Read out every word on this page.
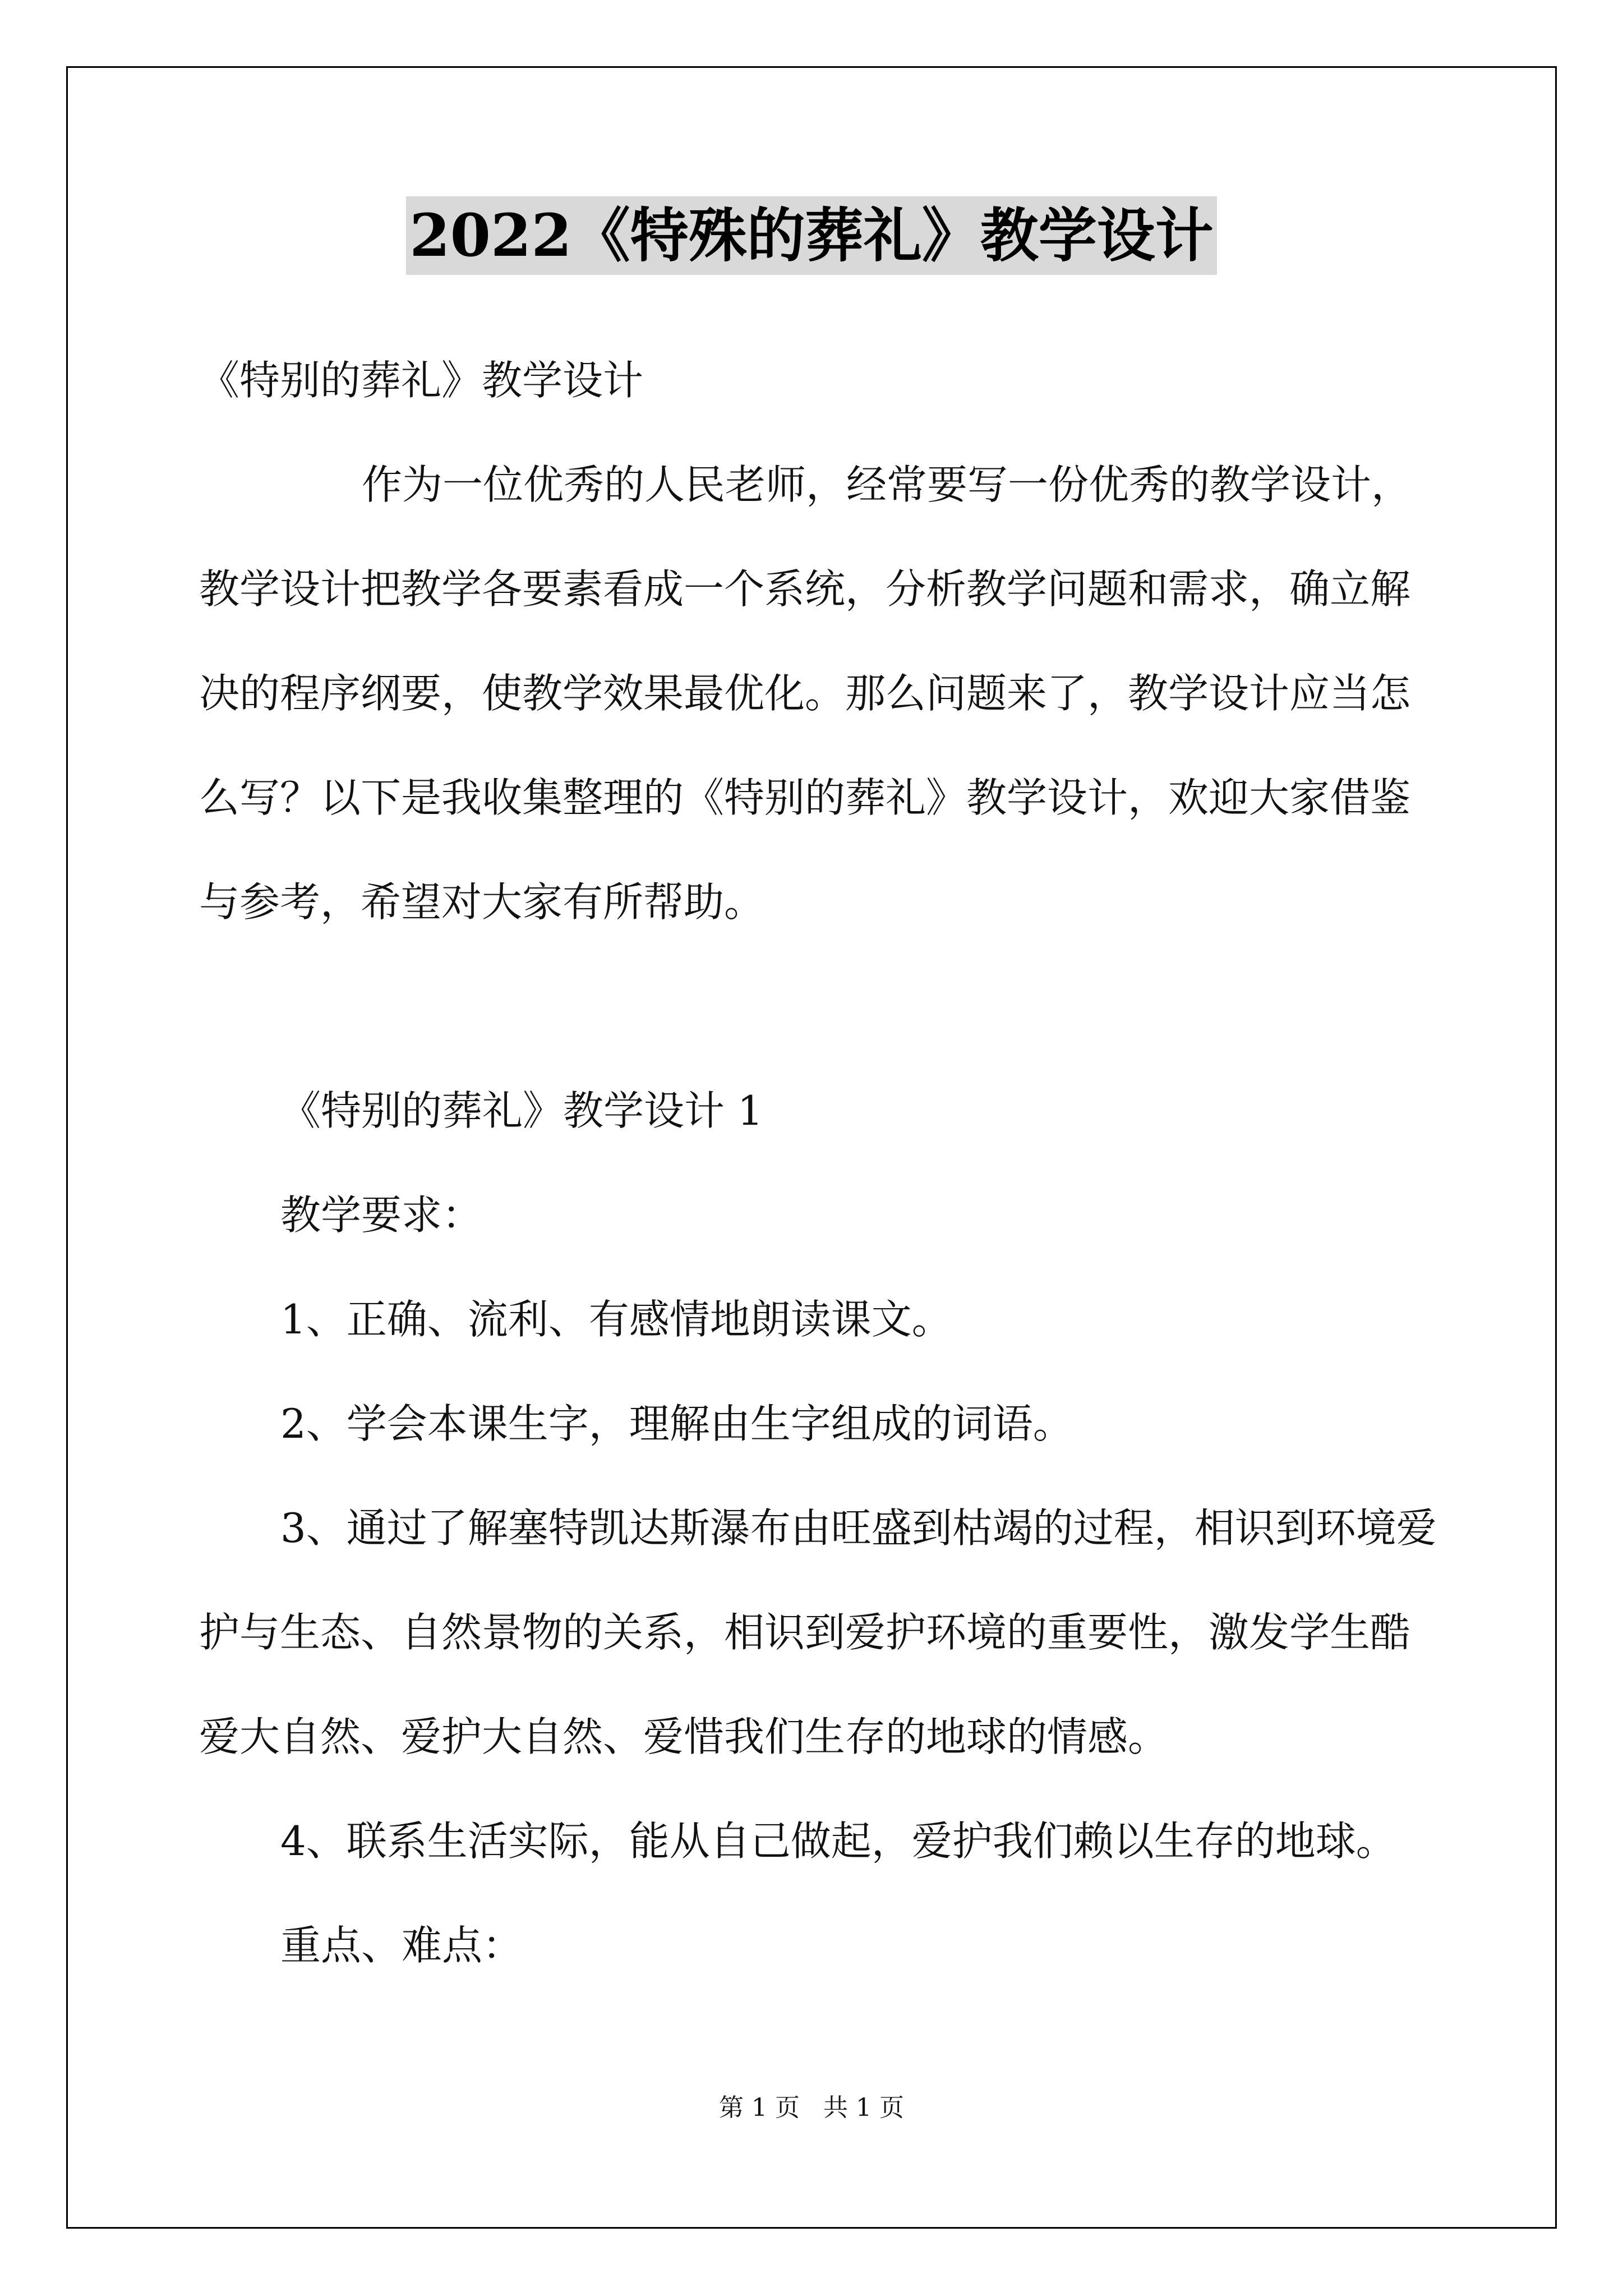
2022《特殊的葬礼》教学设计

《特别的葬礼》教学设计

作为一位优秀的人民老师，经常要写一份优秀的教学设计，

教学设计把教学各要素看成一个系统，分析教学问题和需求，确立解

决的程序纲要，使教学效果最优化。那么问题来了，教学设计应当怎

么写？以下是我收集整理的《特别的葬礼》教学设计，欢迎大家借鉴

与参考，希望对大家有所帮助。

《特别的葬礼》教学设计 1

教学要求：

1、正确、流利、有感情地朗读课文。

2、学会本课生字，理解由生字组成的词语。

3、通过了解塞特凯达斯瀑布由旺盛到枯竭的过程，相识到环境爱

护与生态、自然景物的关系，相识到爱护环境的重要性，激发学生酷

爱大自然、爱护大自然、爱惜我们生存的地球的情感。

4、联系生活实际，能从自己做起，爱护我们赖以生存的地球。

重点、难点：

第 1 页   共 1 页
